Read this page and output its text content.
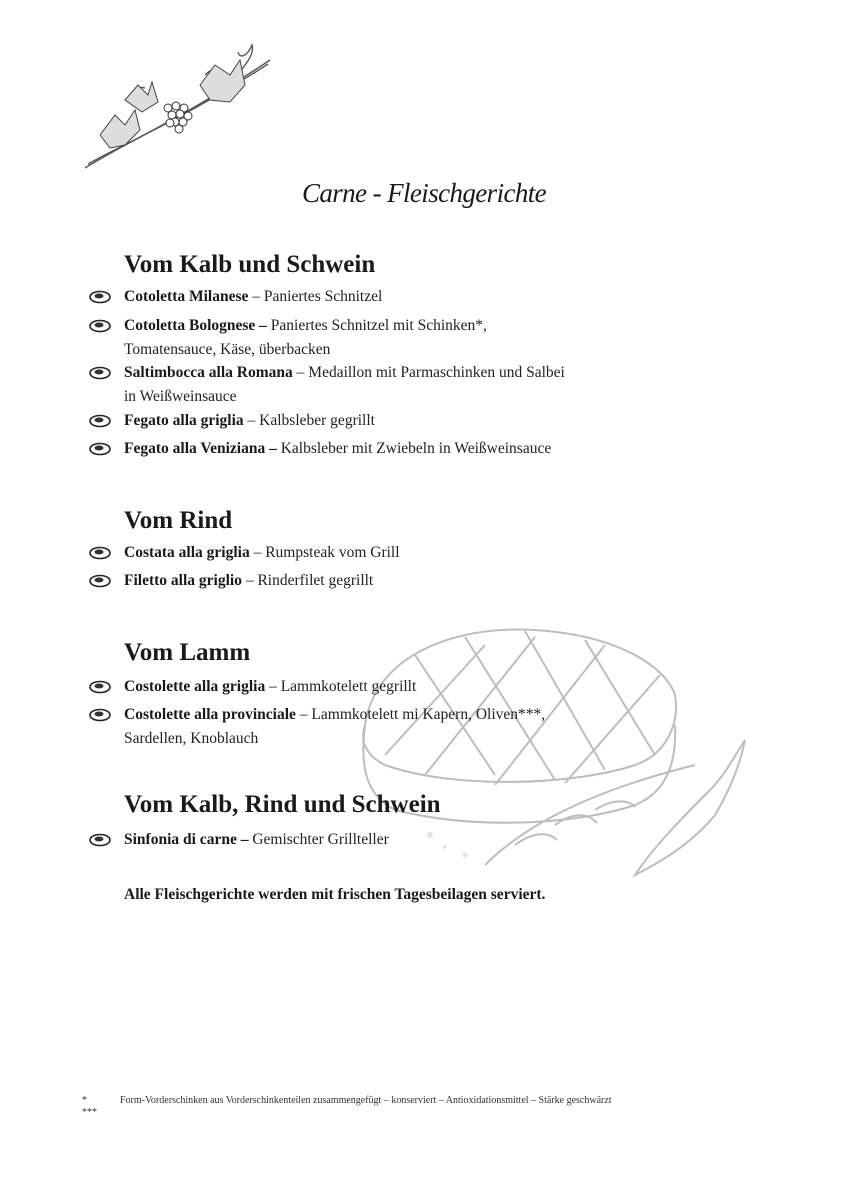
Carne - Fleischgerichte
Vom Kalb und Schwein
Cotoletta Milanese – Paniertes Schnitzel
Cotoletta Bolognese – Paniertes Schnitzel mit Schinken*,
Tomatensauce, Käse, überbacken
Saltimbocca alla Romana – Medaillon mit Parmaschinken und Salbei
in Weißweinsauce
Fegato alla griglia – Kalbsleber gegrillt
Fegato alla Veniziana – Kalbsleber mit Zwiebeln in Weißweinsauce
Vom Rind
Costata alla griglia – Rumpsteak vom Grill
Filetto alla griglio – Rinderfilet gegrillt
Vom Lamm
Costolette alla griglia – Lammkotelett gegrillt
Costolette alla provinciale – Lammkotelett mi Kapern, Oliven***,
Sardellen, Knoblauch
Vom Kalb, Rind und Schwein
Sinfonia di carne – Gemischter Grillteller

Alle Fleischgerichte werden mit frischen Tagesbeilagen serviert.

*
***
Form-Vorderschinken aus Vorderschinkenteilen zusammengefügt – konserviert – Antioxidationsmittel – Stärke geschwärzt
